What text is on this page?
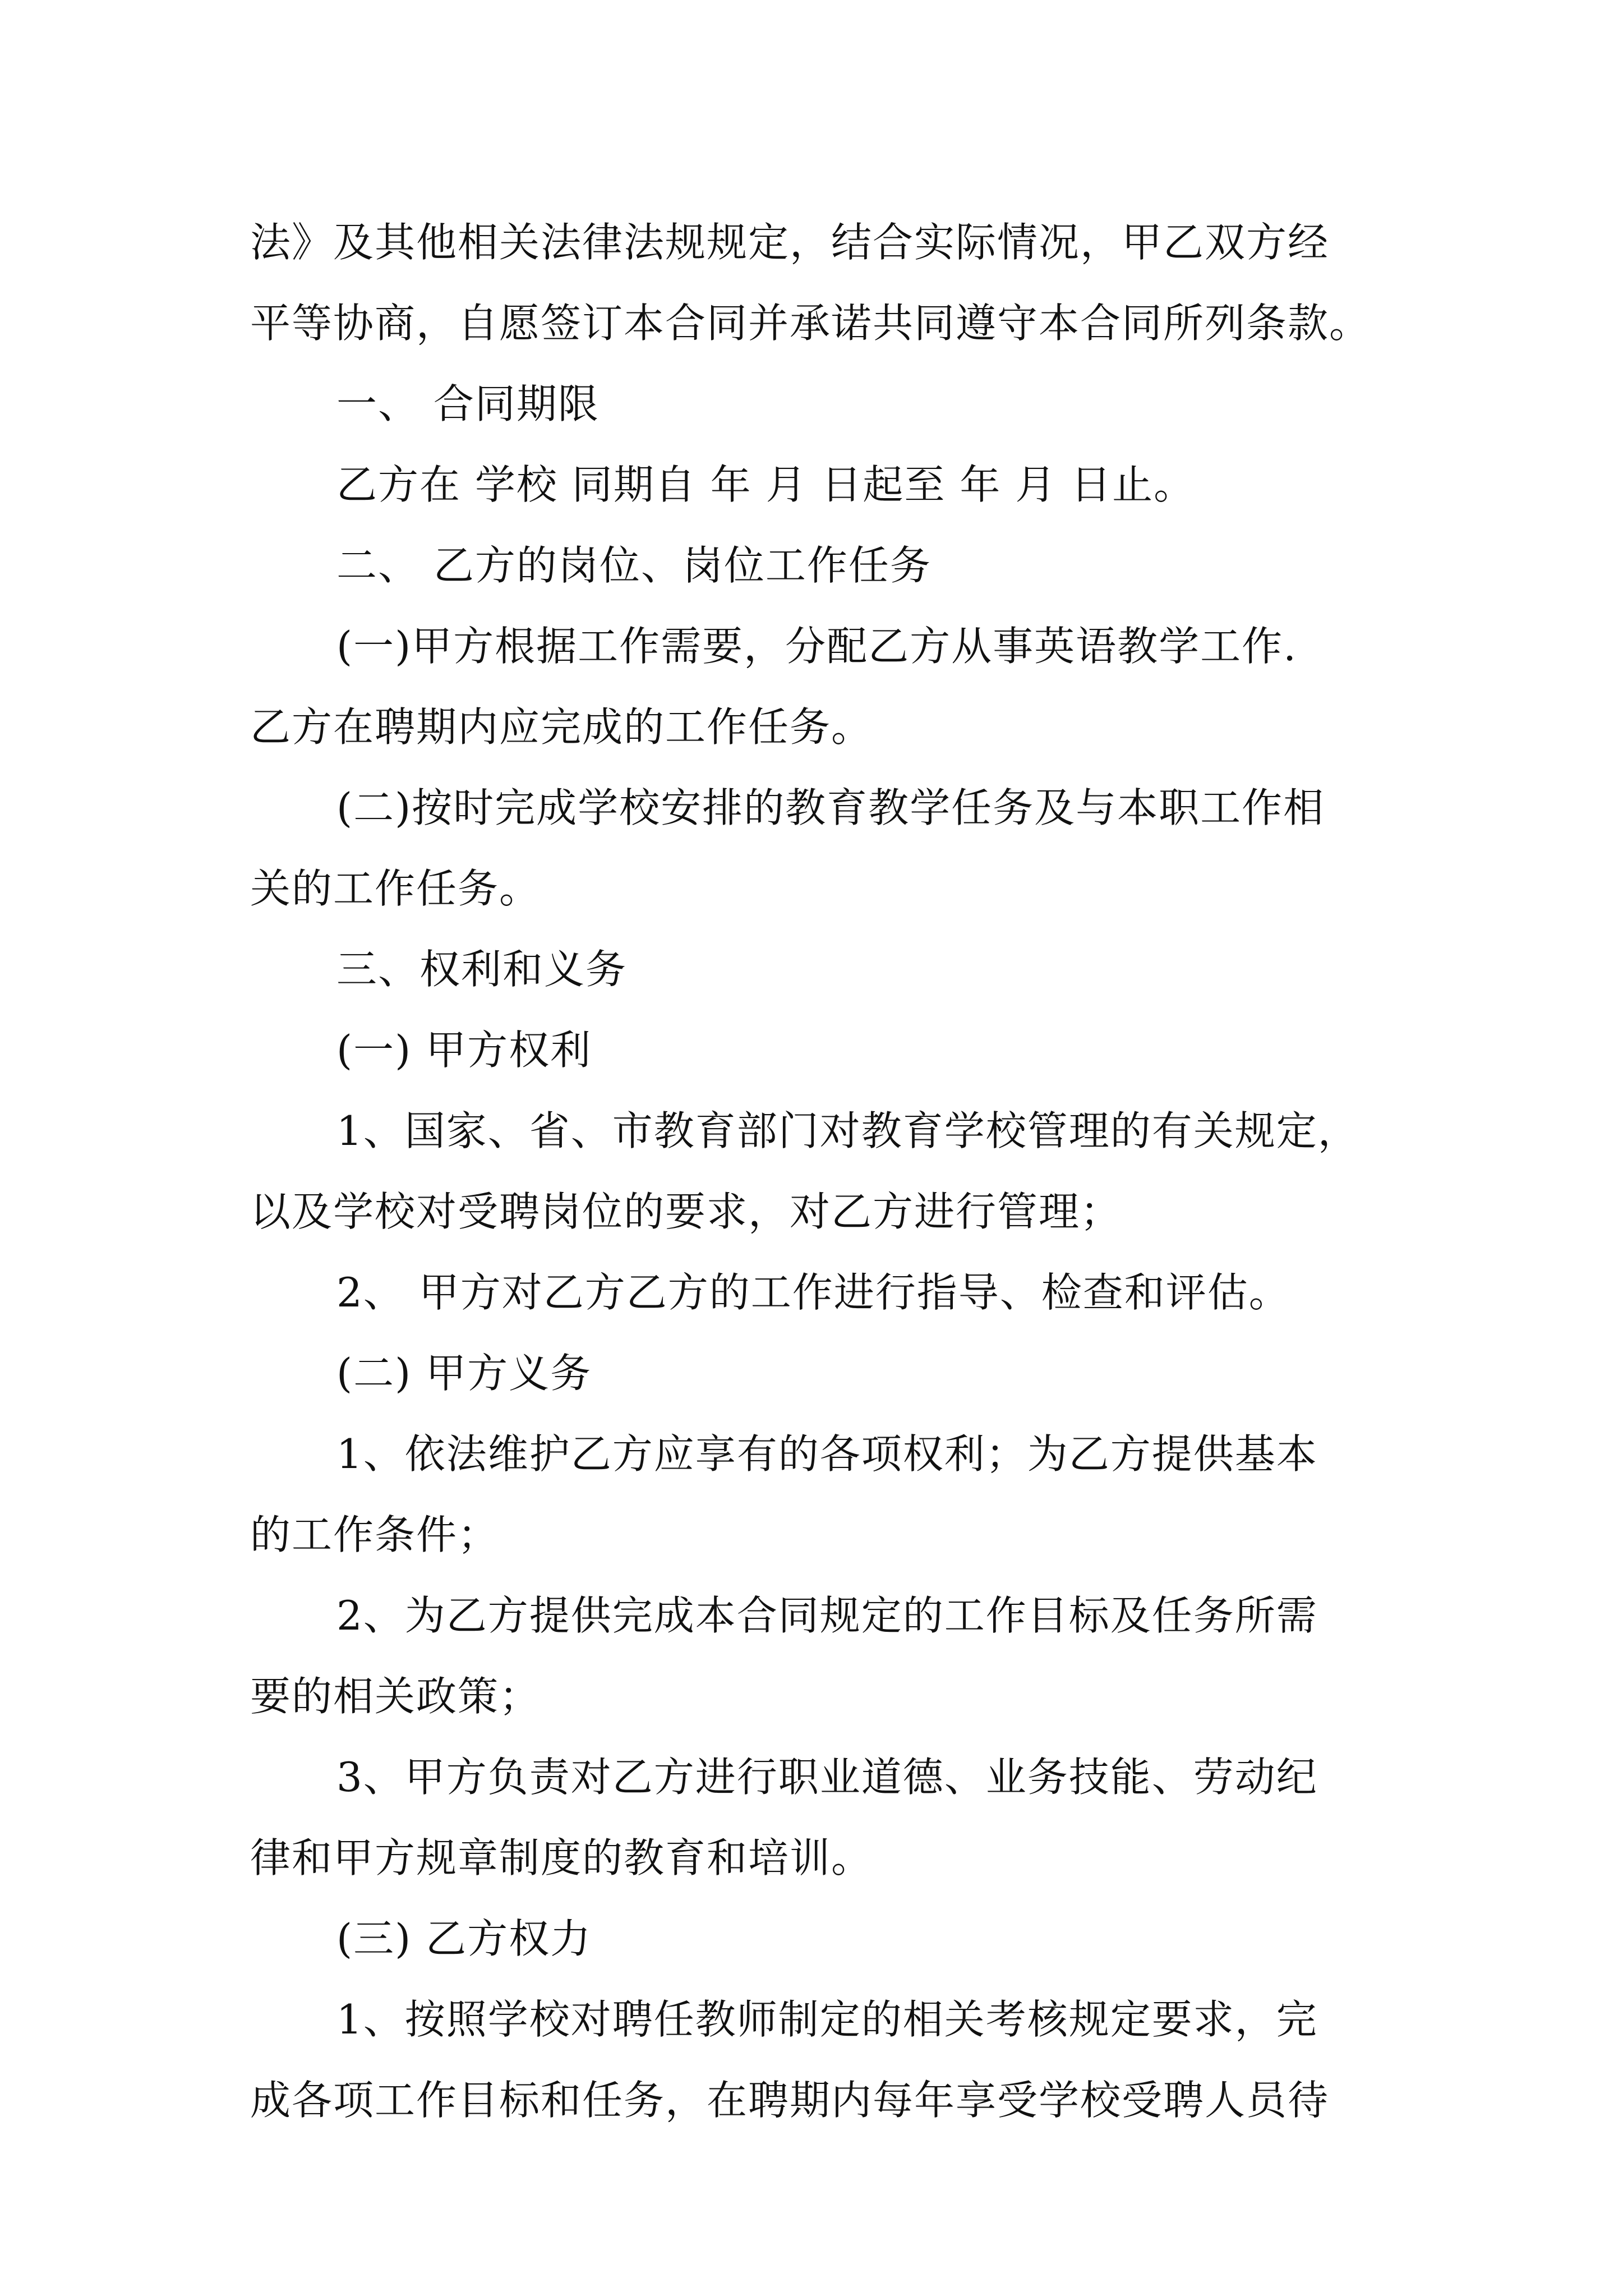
法》及其他相关法律法规规定，结合实际情况，甲乙双方经
平等协商，自愿签订本合同并承诺共同遵守本合同所列条款。
一、 合同期限
乙方在 学校 同期自 年 月 日起至 年 月 日止。
二、 乙方的岗位、岗位工作任务
(一)甲方根据工作需要，分配乙方从事英语教学工作.
乙方在聘期内应完成的工作任务。
(二)按时完成学校安排的教育教学任务及与本职工作相
关的工作任务。
三、权利和义务
(一) 甲方权利
1、国家、省、市教育部门对教育学校管理的有关规定，
以及学校对受聘岗位的要求，对乙方进行管理；
2、 甲方对乙方乙方的工作进行指导、检查和评估。
(二) 甲方义务
1、依法维护乙方应享有的各项权利；为乙方提供基本
的工作条件；
2、为乙方提供完成本合同规定的工作目标及任务所需
要的相关政策；
3、甲方负责对乙方进行职业道德、业务技能、劳动纪
律和甲方规章制度的教育和培训。
(三) 乙方权力
1、按照学校对聘任教师制定的相关考核规定要求，完
成各项工作目标和任务，在聘期内每年享受学校受聘人员待
